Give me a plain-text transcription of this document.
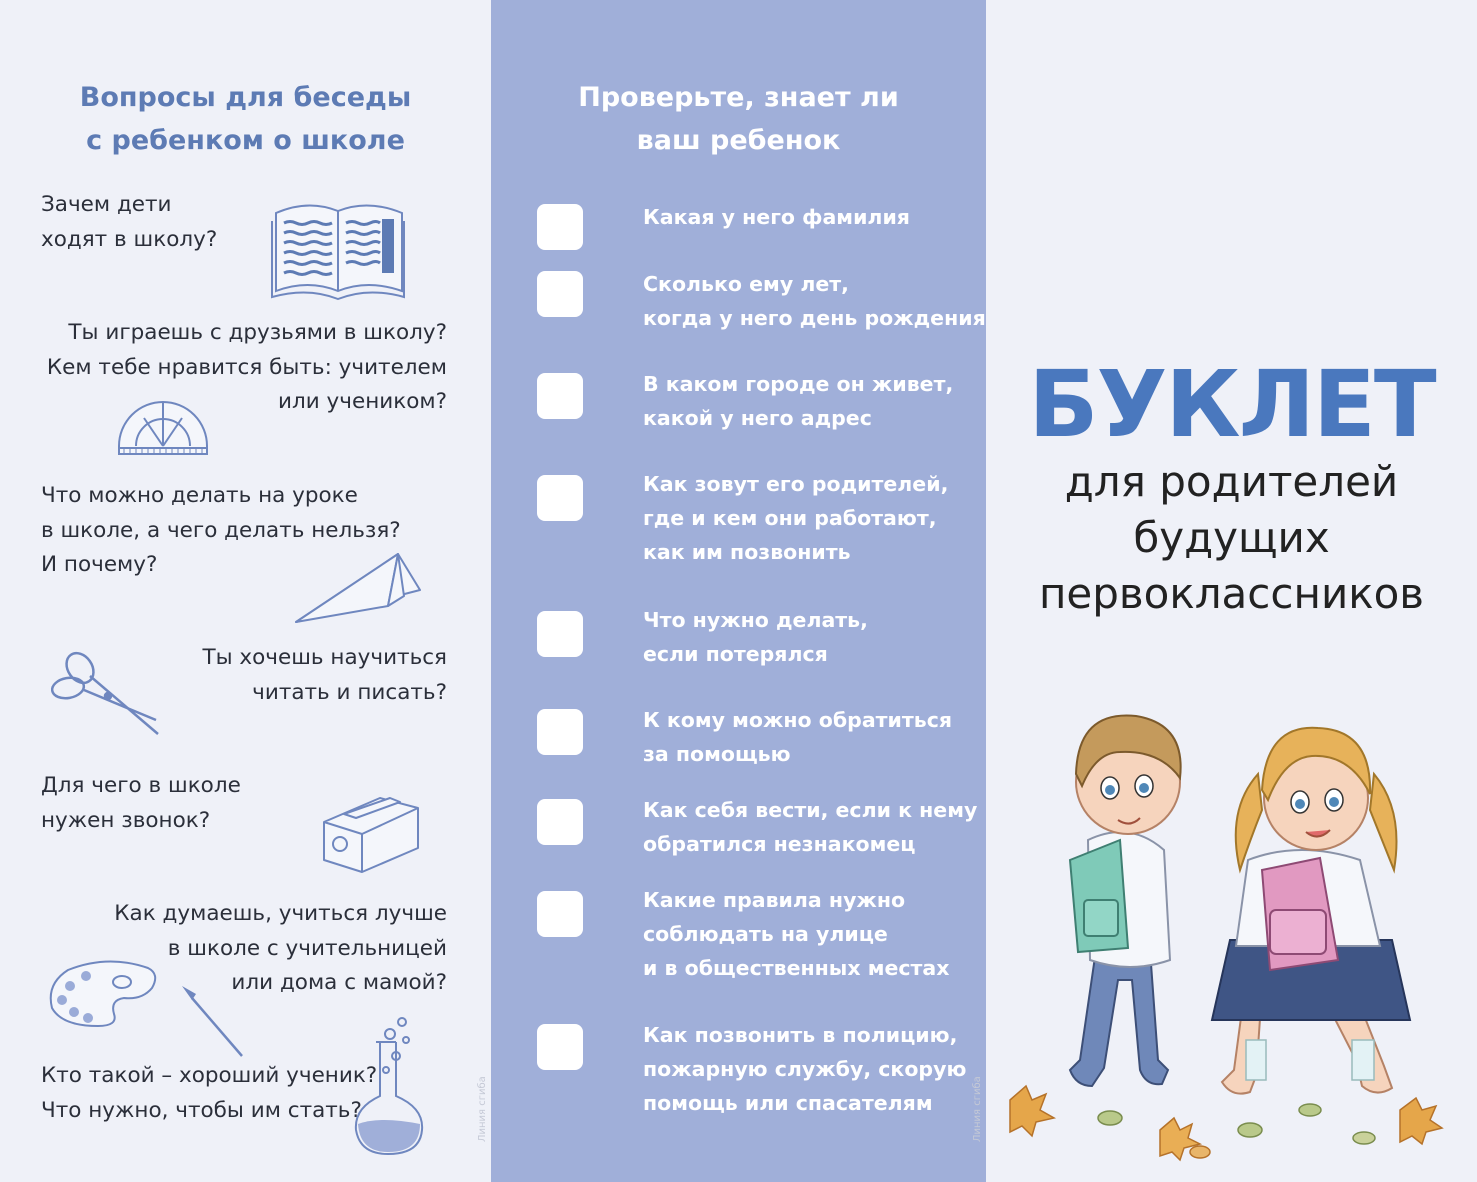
Вопросы для беседы
с ребенком о школе
Зачем дети
ходят в школу?
Ты играешь с друзьями в школу?
Кем тебе нравится быть: учителем
или учеником?
Что можно делать на уроке
в школе, а чего делать нельзя?
И почему?
Ты хочешь научиться
читать и писать?
Для чего в школе
нужен звонок?
Как думаешь, учиться лучше
в школе с учительницей
или дома с мамой?
Кто такой – хороший ученик?
Что нужно, чтобы им стать?
Проверьте, знает ли
ваш ребенок
Какая у него фамилия
Сколько ему лет,
когда у него день рождения
В каком городе он живет,
какой у него адрес
Как зовут его родителей,
где и кем они работают,
как им позвонить
Что нужно делать,
если потерялся
К кому можно обратиться
за помощью
Как себя вести, если к нему
обратился незнакомец
Какие правила нужно
соблюдать на улице
и в общественных местах
Как позвонить в полицию,
пожарную службу, скорую
помощь или спасателям
Линия сгиба	Линия сгиба
БУКЛЕТ
для родителей
будущих
первоклассников
